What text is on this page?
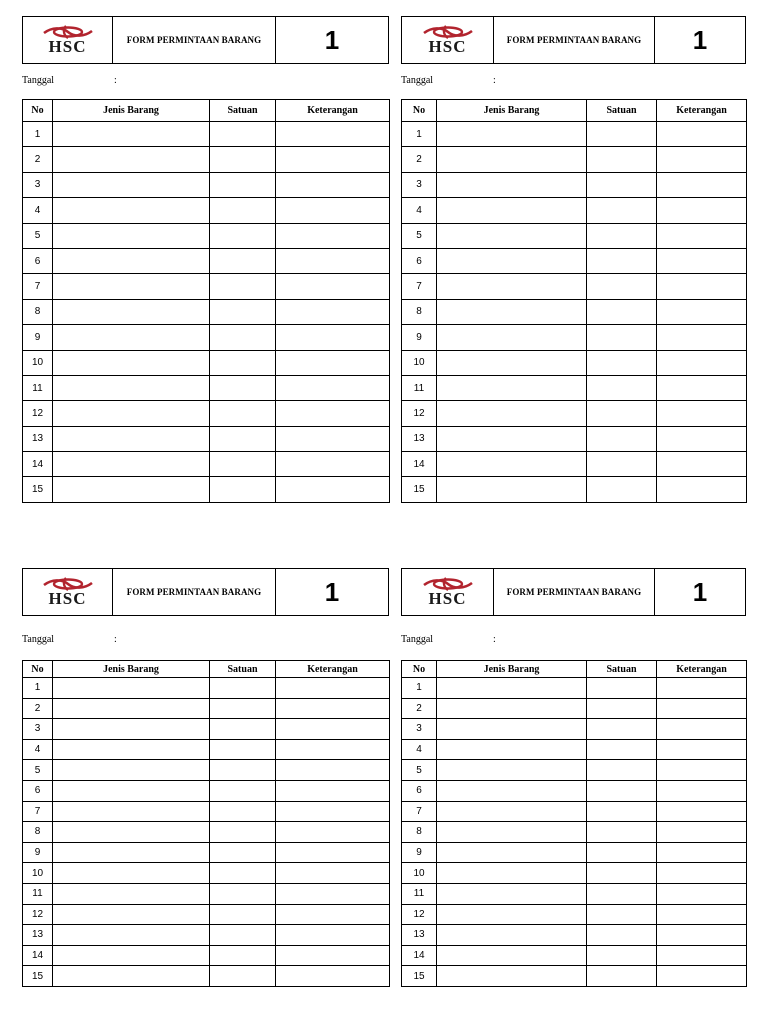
HSC	FORM PERMINTAAN BARANG	1
Tanggal	:
No	Jenis Barang	Satuan	Keterangan
1			
2			
3			
4			
5			
6			
7			
8			
9			
10			
11			
12			
13			
14			
15			
HSC	FORM PERMINTAAN BARANG	1
Tanggal	:
No	Jenis Barang	Satuan	Keterangan
1			
2			
3			
4			
5			
6			
7			
8			
9			
10			
11			
12			
13			
14			
15			
HSC	FORM PERMINTAAN BARANG	1
Tanggal	:
No	Jenis Barang	Satuan	Keterangan
1			
2			
3			
4			
5			
6			
7			
8			
9			
10			
11			
12			
13			
14			
15			
HSC	FORM PERMINTAAN BARANG	1
Tanggal	:
No	Jenis Barang	Satuan	Keterangan
1			
2			
3			
4			
5			
6			
7			
8			
9			
10			
11			
12			
13			
14			
15			
